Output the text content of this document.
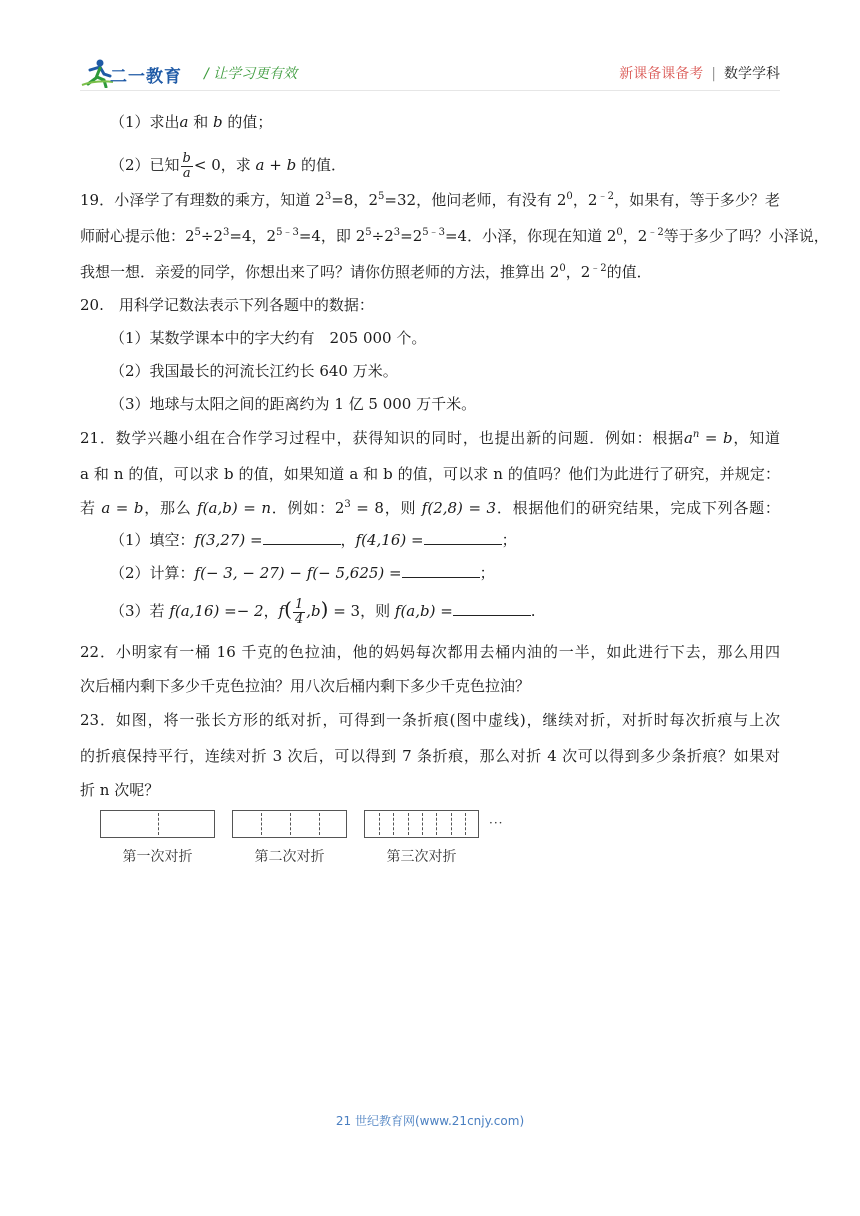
二一教育 / 让学习更有效	新课备课备考 | 数学学科
（1）求出a 和 b 的值；
（2）已知 $\frac{b}{a} < 0$，求 a + b 的值．
19．小泽学了有理数的乘方，知道 $2^3=8$，$2^5=32$，他问老师，有没有 $2^0$，$2^{﹣2}$，如果有，等于多少？老
师耐心提示他：$2^5\div 2^3=4$，$2^{5﹣3}=4$，即 $2^5\div 2^3=2^{5﹣3}=4$．小泽，你现在知道 $2^0$，$2^{﹣2}$等于多少了吗？小泽说，
我想一想．亲爱的同学，你想出来了吗？请你仿照老师的方法，推算出 $2^0$，$2^{﹣2}$的值．
20.　用科学记数法表示下列各题中的数据：
（1）某数学课本中的字大约有　205 000 个。
（2）我国最长的河流长江约长 640 万米。
（3）地球与太阳之间的距离约为 1 亿 5 000 万千米。
21．数学兴趣小组在合作学习过程中，获得知识的同时，也提出新的问题．例如：根据$a^n = b$，知道
a 和 n 的值，可以求 b 的值，如果知道 a 和 b 的值，可以求 n 的值吗？他们为此进行了研究，并规定：
若 a = b，那么 f(a,b) = n．例如：$2^3 = 8$，则 f(2,8) = 3．根据他们的研究结果，完成下列各题：
（1）填空：f(3,27) =	，f(4,16) =	；
（2）计算：f(− 3, − 27) − f(− 5,625) =	；
（3）若 f(a,16) =− 2，$f( \frac{1}{4} ,b) = 3$，则 f(a,b) =	.
22．小明家有一桶 16 千克的色拉油，他的妈妈每次都用去桶内油的一半，如此进行下去，那么用四
次后桶内剩下多少千克色拉油？用八次后桶内剩下多少千克色拉油？
23．如图，将一张长方形的纸对折，可得到一条折痕(图中虚线)，继续对折，对折时每次折痕与上次
的折痕保持平行，连续对折 3 次后，可以得到 7 条折痕，那么对折 4 次可以得到多少条折痕？如果对
折 n 次呢？
···
第一次对折	第二次对折	第三次对折
21 世纪教育网(www.21cnjy.com)
